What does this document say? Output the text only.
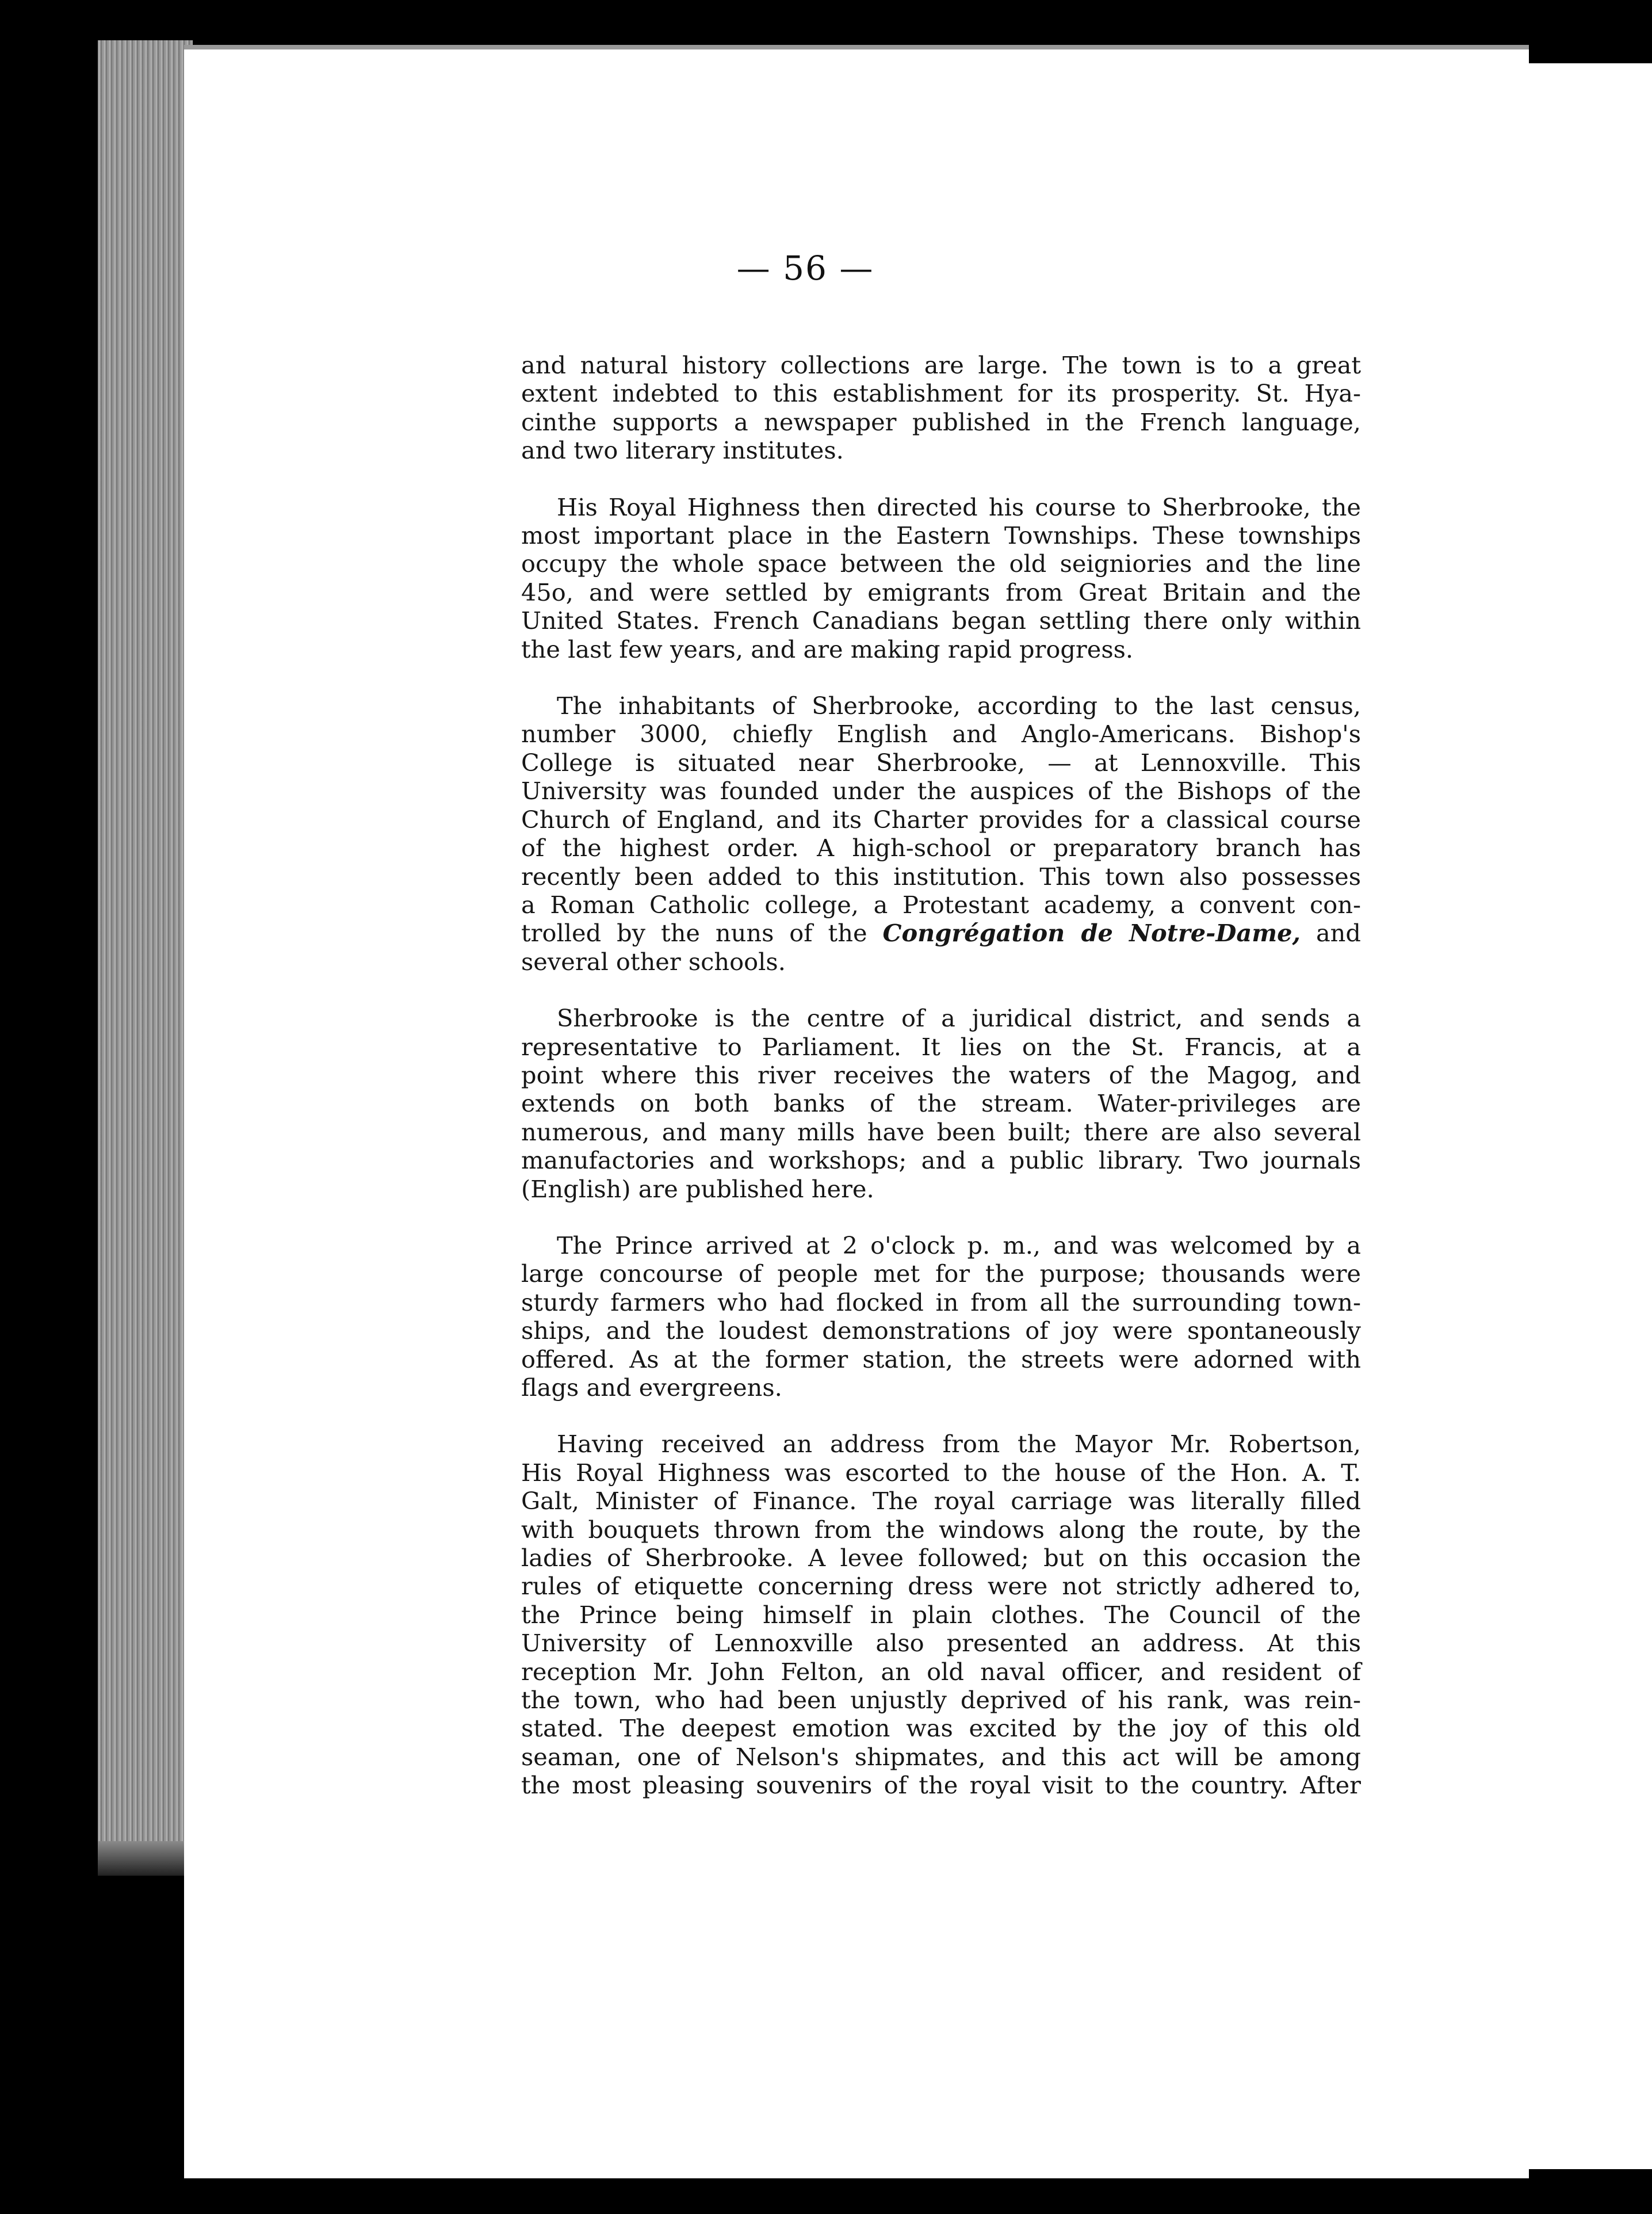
— 56 —

and natural history collections are large. The town is to a great
extent indebted to this establishment for its prosperity. St. Hya-
cinthe supports a newspaper published in the French language,
and two literary institutes.

His Royal Highness then directed his course to Sherbrooke, the
most important place in the Eastern Townships. These townships
occupy the whole space between the old seigniories and the line
45o, and were settled by emigrants from Great Britain and the
United States. French Canadians began settling there only within
the last few years, and are making rapid progress.

The inhabitants of Sherbrooke, according to the last census,
number 3000, chiefly English and Anglo-Americans. Bishop's
College is situated near Sherbrooke, — at Lennoxville. This
University was founded under the auspices of the Bishops of the
Church of England, and its Charter provides for a classical course
of the highest order. A high-school or preparatory branch has
recently been added to this institution. This town also possesses
a Roman Catholic college, a Protestant academy, a convent con-
trolled by the nuns of the Congrégation de Notre-Dame, and
several other schools.

Sherbrooke is the centre of a juridical district, and sends a
representative to Parliament. It lies on the St. Francis, at a
point where this river receives the waters of the Magog, and
extends on both banks of the stream. Water-privileges are
numerous, and many mills have been built; there are also several
manufactories and workshops; and a public library. Two journals
(English) are published here.

The Prince arrived at 2 o'clock p. m., and was welcomed by a
large concourse of people met for the purpose; thousands were
sturdy farmers who had flocked in from all the surrounding town-
ships, and the loudest demonstrations of joy were spontaneously
offered. As at the former station, the streets were adorned with
flags and evergreens.

Having received an address from the Mayor Mr. Robertson,
His Royal Highness was escorted to the house of the Hon. A. T.
Galt, Minister of Finance. The royal carriage was literally filled
with bouquets thrown from the windows along the route, by the
ladies of Sherbrooke. A levee followed; but on this occasion the
rules of etiquette concerning dress were not strictly adhered to,
the Prince being himself in plain clothes. The Council of the
University of Lennoxville also presented an address. At this
reception Mr. John Felton, an old naval officer, and resident of
the town, who had been unjustly deprived of his rank, was rein-
stated. The deepest emotion was excited by the joy of this old
seaman, one of Nelson's shipmates, and this act will be among
the most pleasing souvenirs of the royal visit to the country. After
